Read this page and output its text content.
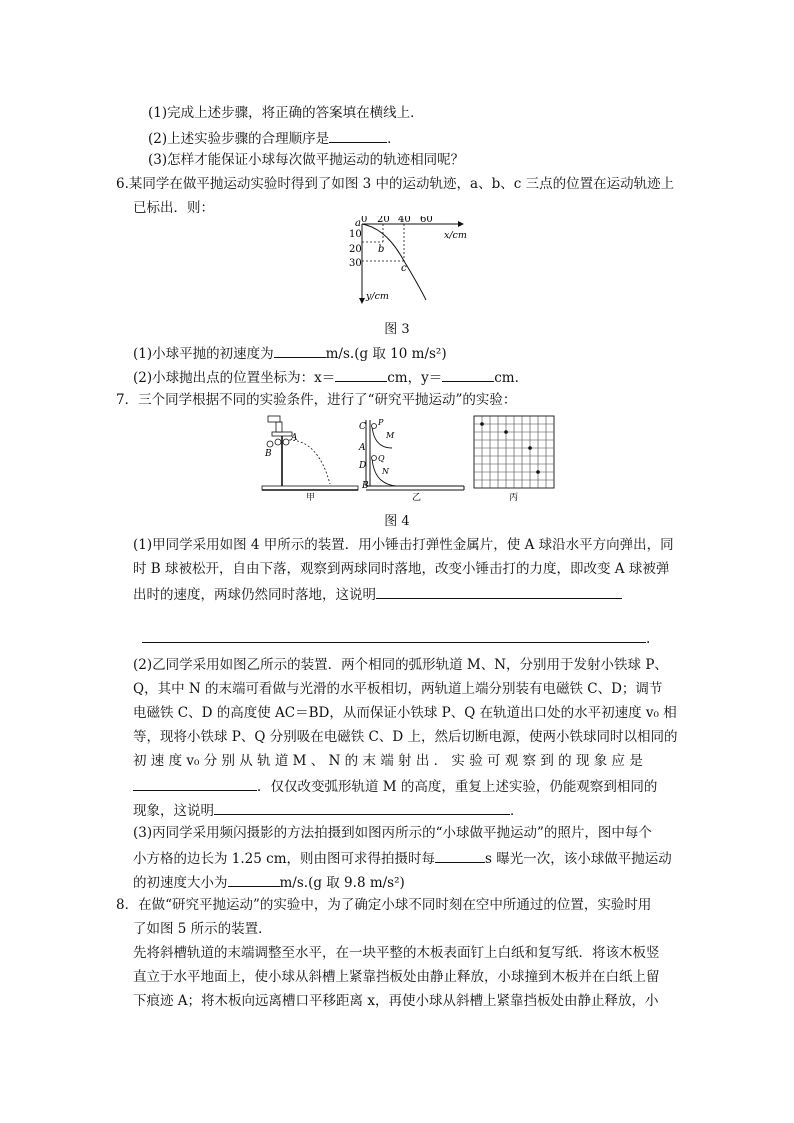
(1)完成上述步骤，将正确的答案填在横线上．
(2)上述实验步骤的合理顺序是	．
(3)怎样才能保证小球每次做平抛运动的轨迹相同呢？
6.某同学在做平抛运动实验时得到了如图 3 中的运动轨迹，a、b、c 三点的位置在运动轨迹上
已标出．则：
0 20 40 60
10
20
30
x/cm
y/cm
a
b
c
图 3
(1)小球平抛的初速度为	m/s.(g 取 10 m/s²)
(2)小球抛出点的位置坐标为：x＝	cm，y＝	cm.
7．三个同学根据不同的实验条件，进行了“研究平抛运动”的实验：
A
B
甲
C P
M
A
D
Q
N
B
乙	丙
图 4
(1)甲同学采用如图 4 甲所示的装置．用小锤击打弹性金属片，使 A 球沿水平方向弹出，同
时 B 球被松开，自由下落，观察到两球同时落地，改变小锤击打的力度，即改变 A 球被弹
出时的速度，两球仍然同时落地，这说明
.
(2)乙同学采用如图乙所示的装置．两个相同的弧形轨道 M、N，分别用于发射小铁球 P、
Q，其中 N 的末端可看做与光滑的水平板相切，两轨道上端分别装有电磁铁 C、D；调节
电磁铁 C、D 的高度使 AC＝BD，从而保证小铁球 P、Q 在轨道出口处的水平初速度 v₀ 相
等，现将小铁球 P、Q 分别吸在电磁铁 C、D 上，然后切断电源，使两小铁球同时以相同的
初 速 度 v₀ 分 别 从 轨 道 M 、 N 的 末 端 射 出 ． 实 验 可 观 察 到 的 现 象 应 是
．仅仅改变弧形轨道 M 的高度，重复上述实验，仍能观察到相同的
现象，这说明	．
(3)丙同学采用频闪摄影的方法拍摄到如图丙所示的“小球做平抛运动”的照片，图中每个
小方格的边长为 1.25 cm，则由图可求得拍摄时每	s 曝光一次，该小球做平抛运动
的初速度大小为	m/s.(g 取 9.8 m/s²)
8．在做“研究平抛运动”的实验中，为了确定小球不同时刻在空中所通过的位置，实验时用
了如图 5 所示的装置．
先将斜槽轨道的末端调整至水平，在一块平整的木板表面钉上白纸和复写纸．将该木板竖
直立于水平地面上，使小球从斜槽上紧靠挡板处由静止释放，小球撞到木板并在白纸上留
下痕迹 A；将木板向远离槽口平移距离 x，再使小球从斜槽上紧靠挡板处由静止释放，小
